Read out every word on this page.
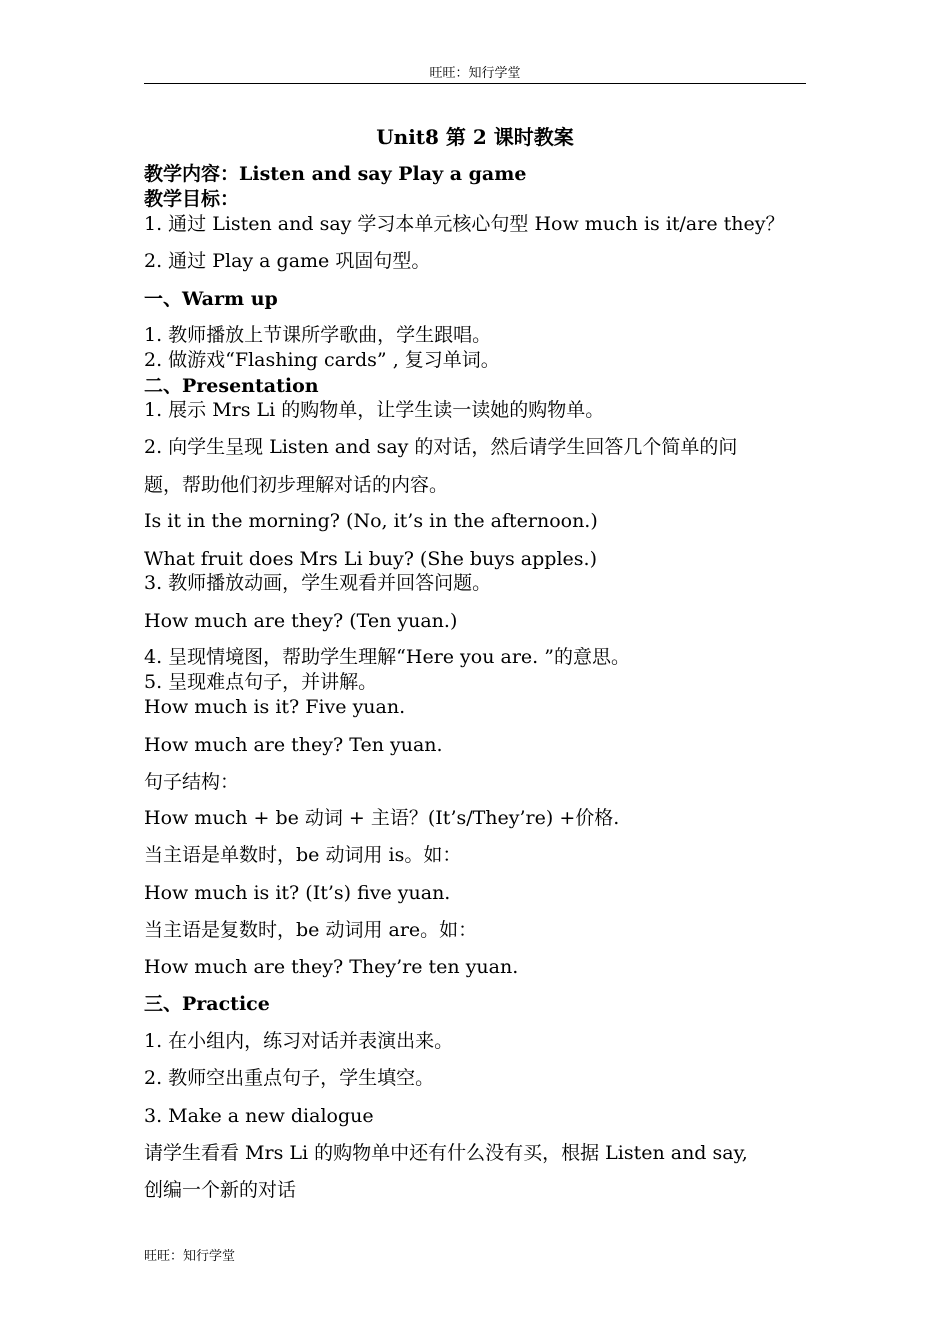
旺旺：知行学堂
Unit8 第 2 课时教案
教学内容：Listen and say Play a game
教学目标：
1. 通过 Listen and say 学习本单元核心句型 How much is it/are they？
2. 通过 Play a game 巩固句型。
一、Warm up
1. 教师播放上节课所学歌曲，学生跟唱。
2. 做游戏“Flashing cards” , 复习单词。
二、Presentation
1. 展示 Mrs Li 的购物单，让学生读一读她的购物单。
2. 向学生呈现 Listen and say 的对话，然后请学生回答几个简单的问
题，帮助他们初步理解对话的内容。
Is it in the morning? (No, it’s in the afternoon.)
What fruit does Mrs Li buy? (She buys apples.)
3. 教师播放动画，学生观看并回答问题。
How much are they? (Ten yuan.)
4. 呈现情境图，帮助学生理解“Here you are. ”的意思。
5. 呈现难点句子，并讲解。
How much is it? Five yuan.
How much are they? Ten yuan.
句子结构：
How much + be 动词 + 主语？(It’s/They’re) +价格.
当主语是单数时，be 动词用 is。如：
How much is it? (It’s) five yuan.
当主语是复数时，be 动词用 are。如：
How much are they? They’re ten yuan.
三、Practice
1. 在小组内，练习对话并表演出来。
2. 教师空出重点句子，学生填空。
3. Make a new dialogue
请学生看看 Mrs Li 的购物单中还有什么没有买，根据 Listen and say,
创编一个新的对话
旺旺：知行学堂
